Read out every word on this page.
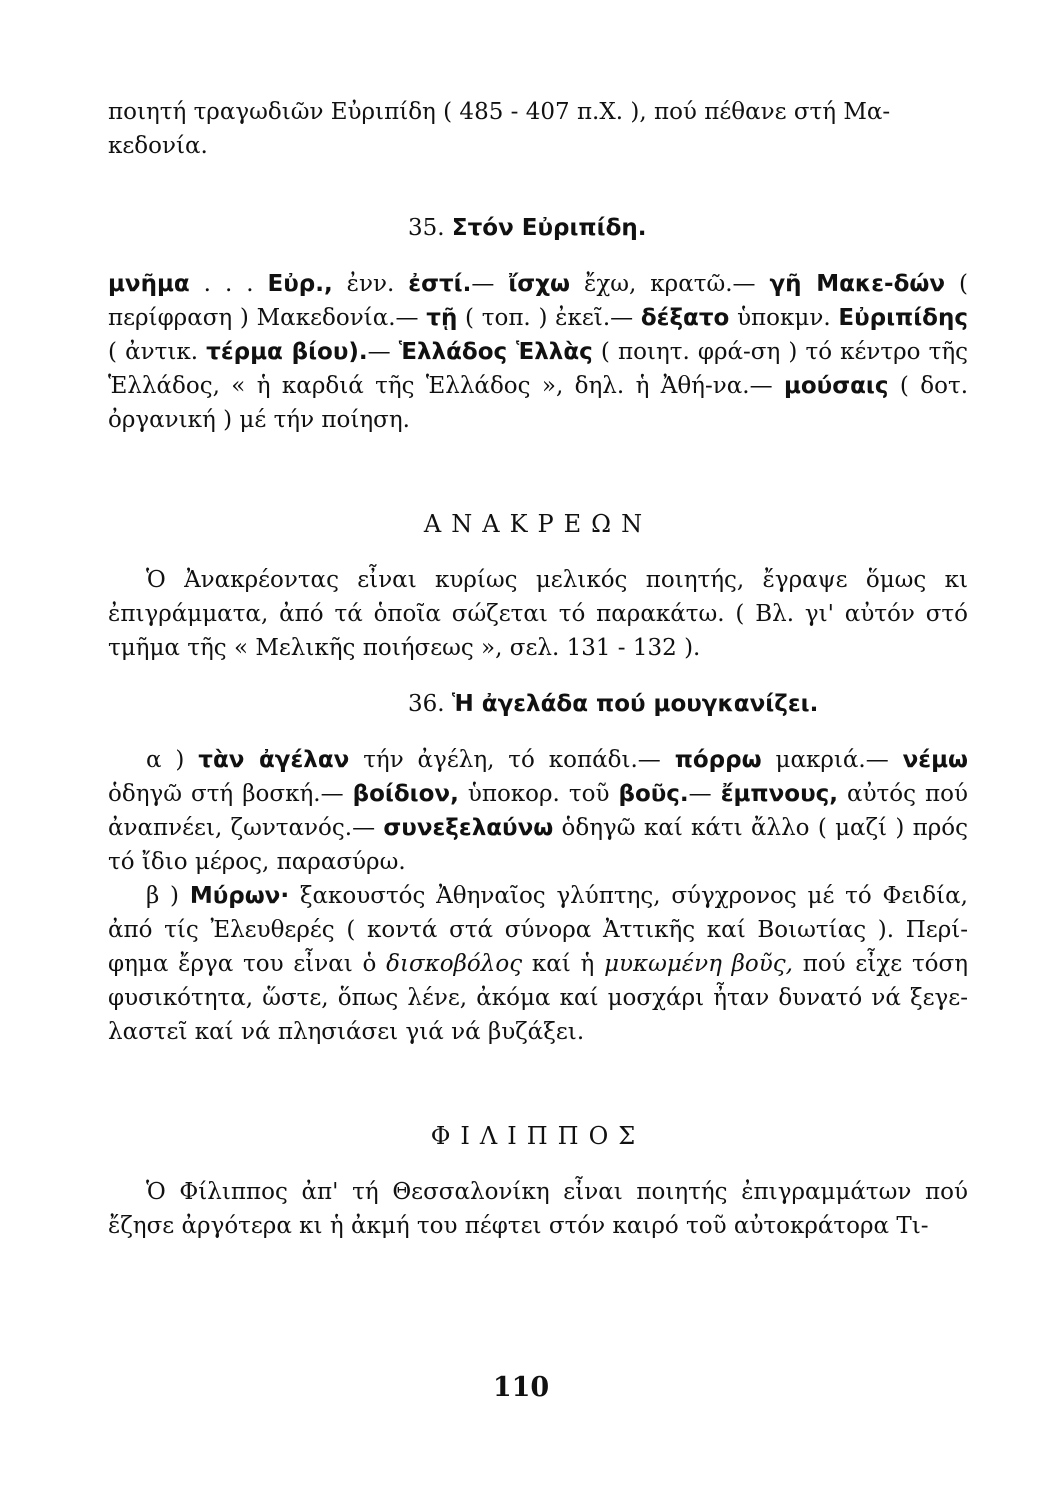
ποιητή τραγωδιῶν Εὐριπίδη ( 485 - 407 π.Χ. ), πού πέθανε στή Μα-
κεδονία.

35. Στόν Εὐριπίδη.

μνῆμα . . . Εὐρ., ἐνν. ἐστί.— ἴσχω ἔχω, κρατῶ.— γῆ Μακε-δών ( περίφραση ) Μακεδονία.— τῇ ( τοπ. ) ἐκεῖ.— δέξατο ὑποκμν. Εὐριπίδης ( ἀντιк. τέρμα βίου).— Ἑλλάδος Ἑλλὰς ( ποιητ. φρά-ση ) τό κέντρο τῆς Ἑλλάδος, « ἡ καρδιά τῆς Ἑλλάδος », δηλ. ἡ Ἀθή-να.— μούσαις ( δοτ. ὀργανική ) μέ τήν ποίηση.

ΑΝΑΚΡΕΩΝ

Ὁ Ἀνακρέοντας εἶναι κυρίως μελικός ποιητής, ἔγραψε ὅμως κι ἐπιγράμματα, ἀπό τά ὁποῖα σώζεται τό παρακάτω. ( Βλ. γι' αὐτόν στό τμῆμα τῆς « Μελικῆς ποιήσεως », σελ. 131 - 132 ).

36. Ἡ ἀγελάδα πού μουγκανίζει.

α ) τὰν ἀγέλαν τήν ἀγέλη, τό κοπάδι.— πόρρω μακριά.— νέμω ὁδηγῶ στή βοσκή.— βοίδιον, ὑποκορ. τοῦ βοῦς.— ἔμπνους, αὐτός πού ἀναπνέει, ζωντανός.— συνεξελαύνω ὁδηγῶ καί κάτι ἄλλο ( μαζί ) πρός τό ἴδιο μέρος, παρασύρω.

β ) Μύρων· ξακουστός Ἀθηναῖος γλύπτης, σύγχρονος μέ τό Φειδία, ἀπό τίς Ἐλευθερές ( κοντά στά σύνορα Ἀττικῆς καί Βοιωτίας ). Περί-φημα ἔργα του εἶναι ὁ δισκοβόλος καί ἡ μυκωμένη βοῦς, πού εἶχε τόση φυσικότητα, ὥστε, ὅπως λένε, ἀκόμα καί μοσχάρι ἦταν δυνατό νά ξεγε-λαστεῖ καί νά πλησιάσει γιά νά βυζάξει.

ΦΙΛΙΠΠΟΣ

Ὁ Φίλιππος ἀπ' τή Θεσσαλονίκη εἶναι ποιητής ἐπιγραμμάτων πού ἔζησε ἀργότερα κι ἡ ἀκμή του πέφτει στόν καιρό τοῦ αὐτοκράτορα Τι-

110
